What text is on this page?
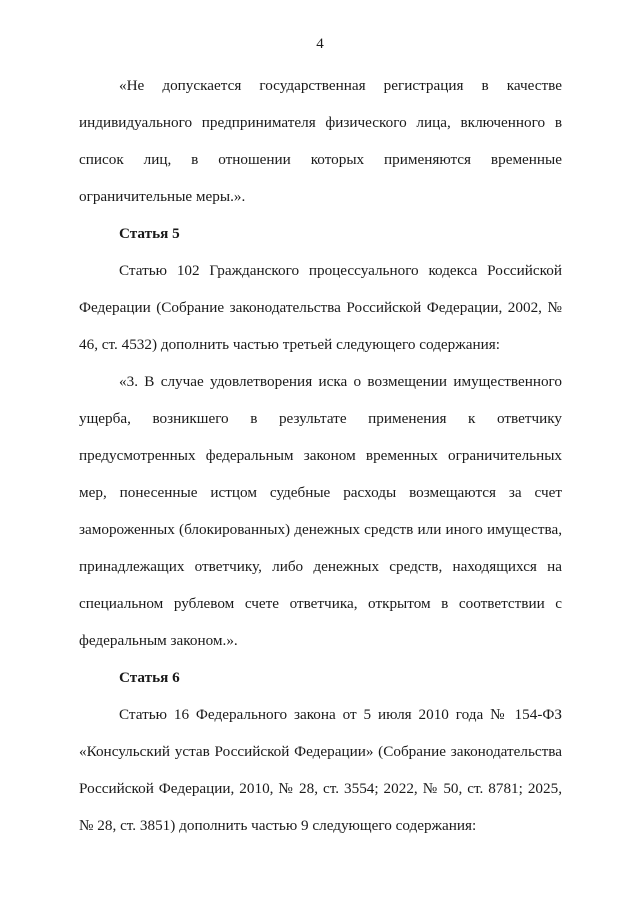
4

«Не допускается государственная регистрация в качестве индивидуального предпринимателя физического лица, включенного в список лиц, в отношении которых применяются временные ограничительные меры.».

Статья 5

Статью 102 Гражданского процессуального кодекса Российской Федерации (Собрание законодательства Российской Федерации, 2002, № 46, ст. 4532) дополнить частью третьей следующего содержания:

«3. В случае удовлетворения иска о возмещении имущественного ущерба, возникшего в результате применения к ответчику предусмотренных федеральным законом временных ограничительных мер, понесенные истцом судебные расходы возмещаются за счет замороженных (блокированных) денежных средств или иного имущества, принадлежащих ответчику, либо денежных средств, находящихся на специальном рублевом счете ответчика, открытом в соответствии с федеральным законом.».

Статья 6

Статью 16 Федерального закона от 5 июля 2010 года № 154-ФЗ «Консульский устав Российской Федерации» (Собрание законодательства Российской Федерации, 2010, № 28, ст. 3554; 2022, № 50, ст. 8781; 2025, № 28, ст. 3851) дополнить частью 9 следующего содержания:
